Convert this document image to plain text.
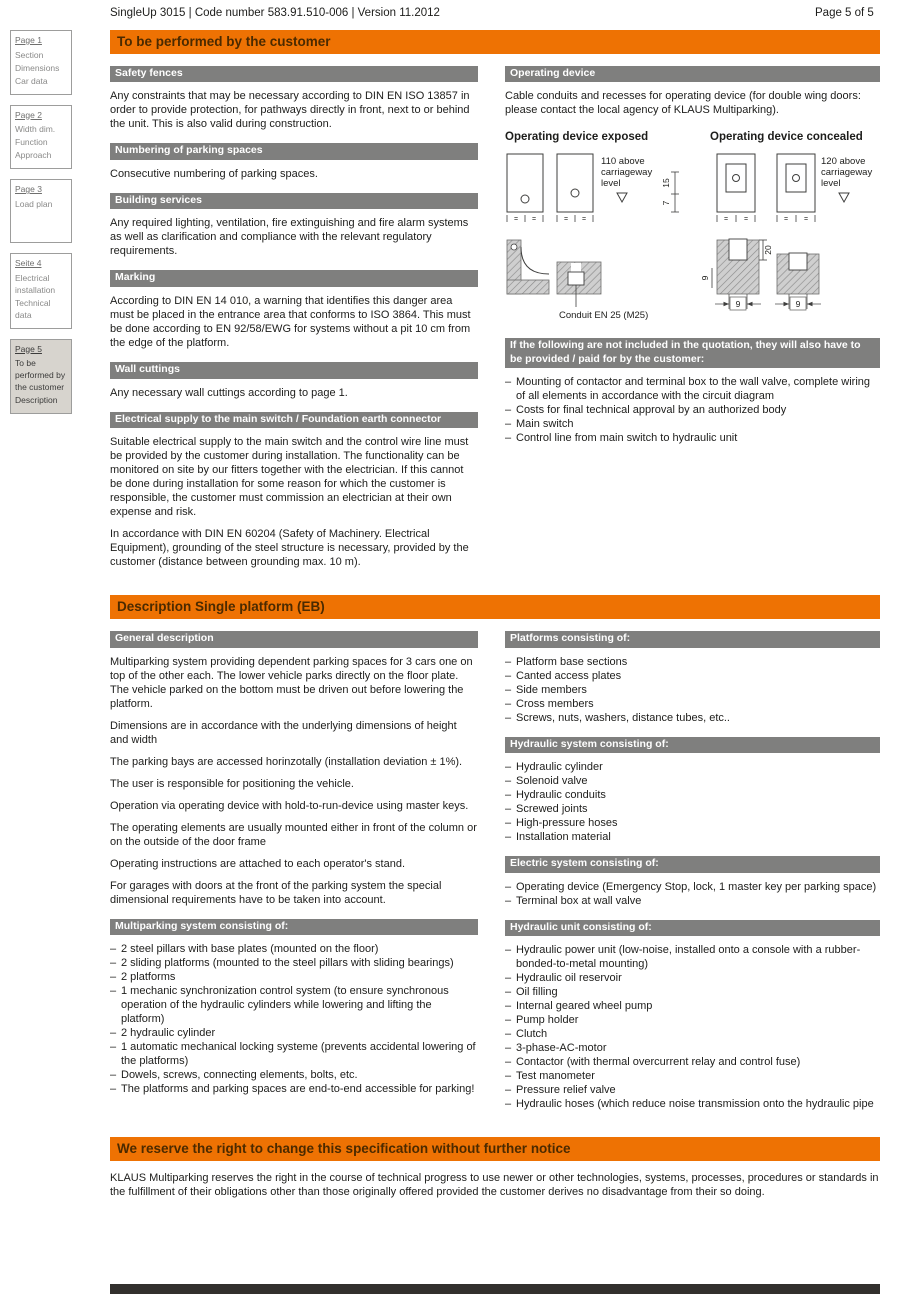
SingleUp 3015 | Code number 583.91.510-006 | Version 11.2012	Page 5 of 5
Page 1
Section
Dimensions
Car data
Page 2
Width dim.
Function
Approach
Page 3
Load plan
Seite 4
Electrical installation
Technical data
Page 5
To be performed by the customer
Description
To be performed by the customer
Safety fences

Any constraints that may be necessary according to DIN EN ISO 13857 in order to provide protection, for pathways directly in front, next to or behind the unit. This is also valid during construction.

Numbering of parking spaces

Consecutive numbering of parking spaces.

Building services

Any required lighting, ventilation, fire extinguishing and fire alarm systems as well as clarification and compliance with the relevant regulatory requirements.

Marking

According to DIN EN 14 010, a warning that identifies this danger area must be placed in the entrance area that conforms to ISO 3864. This must be done according to EN 92/58/EWG for systems without a pit 10 cm from the edge of the platform.

Wall cuttings

Any necessary wall cuttings according to page 1.

Electrical supply to the main switch / Foundation earth connector

Suitable electrical supply to the main switch and the control wire line must be provided by the customer during installation. The functionality can be monitored on site by our fitters together with the electrician. If this cannot be done during installation for some reason for which the customer is responsible, the customer must commission an electrician at their own expense and risk.

In accordance with DIN EN 60204 (Safety of Machinery. Electrical Equipment), grounding of the steel structure is necessary, provided by the customer (distance between grounding max. 10 m).

Operating device

Cable conduits and recesses for operating device (for double wing doors: please contact the local agency of KLAUS Multiparking).

Operating device exposed	Operating device concealed
= =	= =
110 above
carriageway
level	15
7
Conduit EN 25 (M25)
= =	= =
120 above
carriageway
level
20
9
9	9
If the following are not included in the quotation, they will also have to be provided / paid for by the customer:
– Mounting of contactor and terminal box to the wall valve, complete wiring of all elements in accordance with the circuit diagram
– Costs for final technical approval by an authorized body
– Main switch
– Control line from main switch to hydraulic unit
Description Single platform (EB)
General description

Multiparking system providing dependent parking spaces for 3 cars one on top of the other each. The lower vehicle parks directly on the floor plate. The vehicle parked on the bottom must be driven out before lowering the platform.

Dimensions are in accordance with the underlying dimensions of height and width

The parking bays are accessed horinzotally (installation deviation ± 1%).

The user is responsible for positioning the vehicle.

Operation via operating device with hold-to-run-device using master keys.

The operating elements are usually mounted either in front of the column or on the outside of the door frame

Operating instructions are attached to each operator's stand.

For garages with doors at the front of the parking system the special dimensional requirements have to be taken into account.

Multiparking system consisting of:
– 2 steel pillars with base plates (mounted on the floor)
– 2 sliding platforms (mounted to the steel pillars with sliding bearings)
– 2 platforms
– 1 mechanic synchronization control system (to ensure synchronous operation of the hydraulic cylinders while lowering and lifting the platform)
– 2 hydraulic cylinder
– 1 automatic mechanical locking systeme (prevents accidental lowering of the platforms)
– Dowels, screws, connecting elements, bolts, etc.
– The platforms and parking spaces are end-to-end accessible for parking!
Platforms consisting of:
– Platform base sections
– Canted access plates
– Side members
– Cross members
– Screws, nuts, washers, distance tubes, etc..
Hydraulic system consisting of:
– Hydraulic cylinder
– Solenoid valve
– Hydraulic conduits
– Screwed joints
– High-pressure hoses
– Installation material
Electric system consisting of:
– Operating device (Emergency Stop, lock, 1 master key per parking space)
– Terminal box at wall valve
Hydraulic unit consisting of:
– Hydraulic power unit (low-noise, installed onto a console with a rubber-bonded-to-metal mounting)
– Hydraulic oil reservoir
– Oil filling
– Internal geared wheel pump
– Pump holder
– Clutch
– 3-phase-AC-motor
– Contactor (with thermal overcurrent relay and control fuse)
– Test manometer
– Pressure relief valve
– Hydraulic hoses (which reduce noise transmission onto the hydraulic pipe
We reserve the right to change this specification without further notice

KLAUS Multiparking reserves the right in the course of technical progress to use newer or other technologies, systems, processes, procedures or standards in the fulfillment of their obligations other than those originally offered provided the customer derives no disadvantage from their so doing.
